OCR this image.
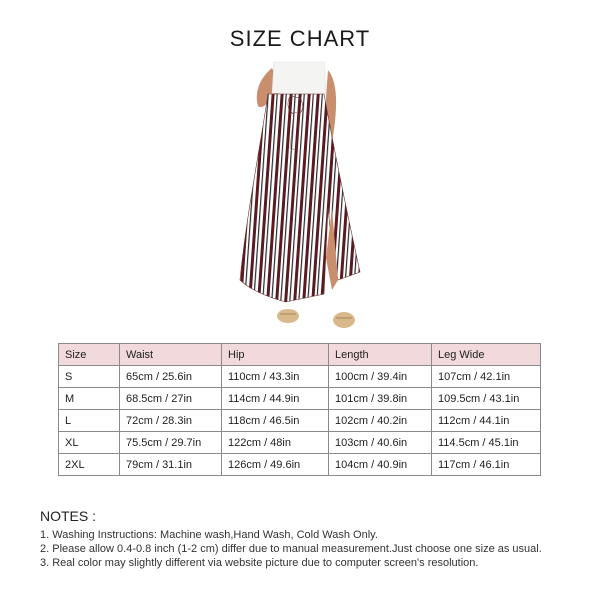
SIZE CHART
Size	Waist	Hip	Length	Leg Wide
S	65cm / 25.6in	110cm / 43.3in	100cm / 39.4in	107cm / 42.1in
M	68.5cm / 27in	114cm / 44.9in	101cm / 39.8in	109.5cm / 43.1in
L	72cm / 28.3in	118cm / 46.5in	102cm / 40.2in	112cm / 44.1in
XL	75.5cm / 29.7in	122cm / 48in	103cm / 40.6in	114.5cm / 45.1in
2XL	79cm / 31.1in	126cm / 49.6in	104cm / 40.9in	117cm / 46.1in
NOTES :
1. Washing Instructions: Machine wash,Hand Wash, Cold Wash Only.
2. Please allow 0.4-0.8 inch (1-2 cm) differ due to manual measurement.Just choose one size as usual.
3. Real color may slightly different via website picture due to computer screen's resolution.
